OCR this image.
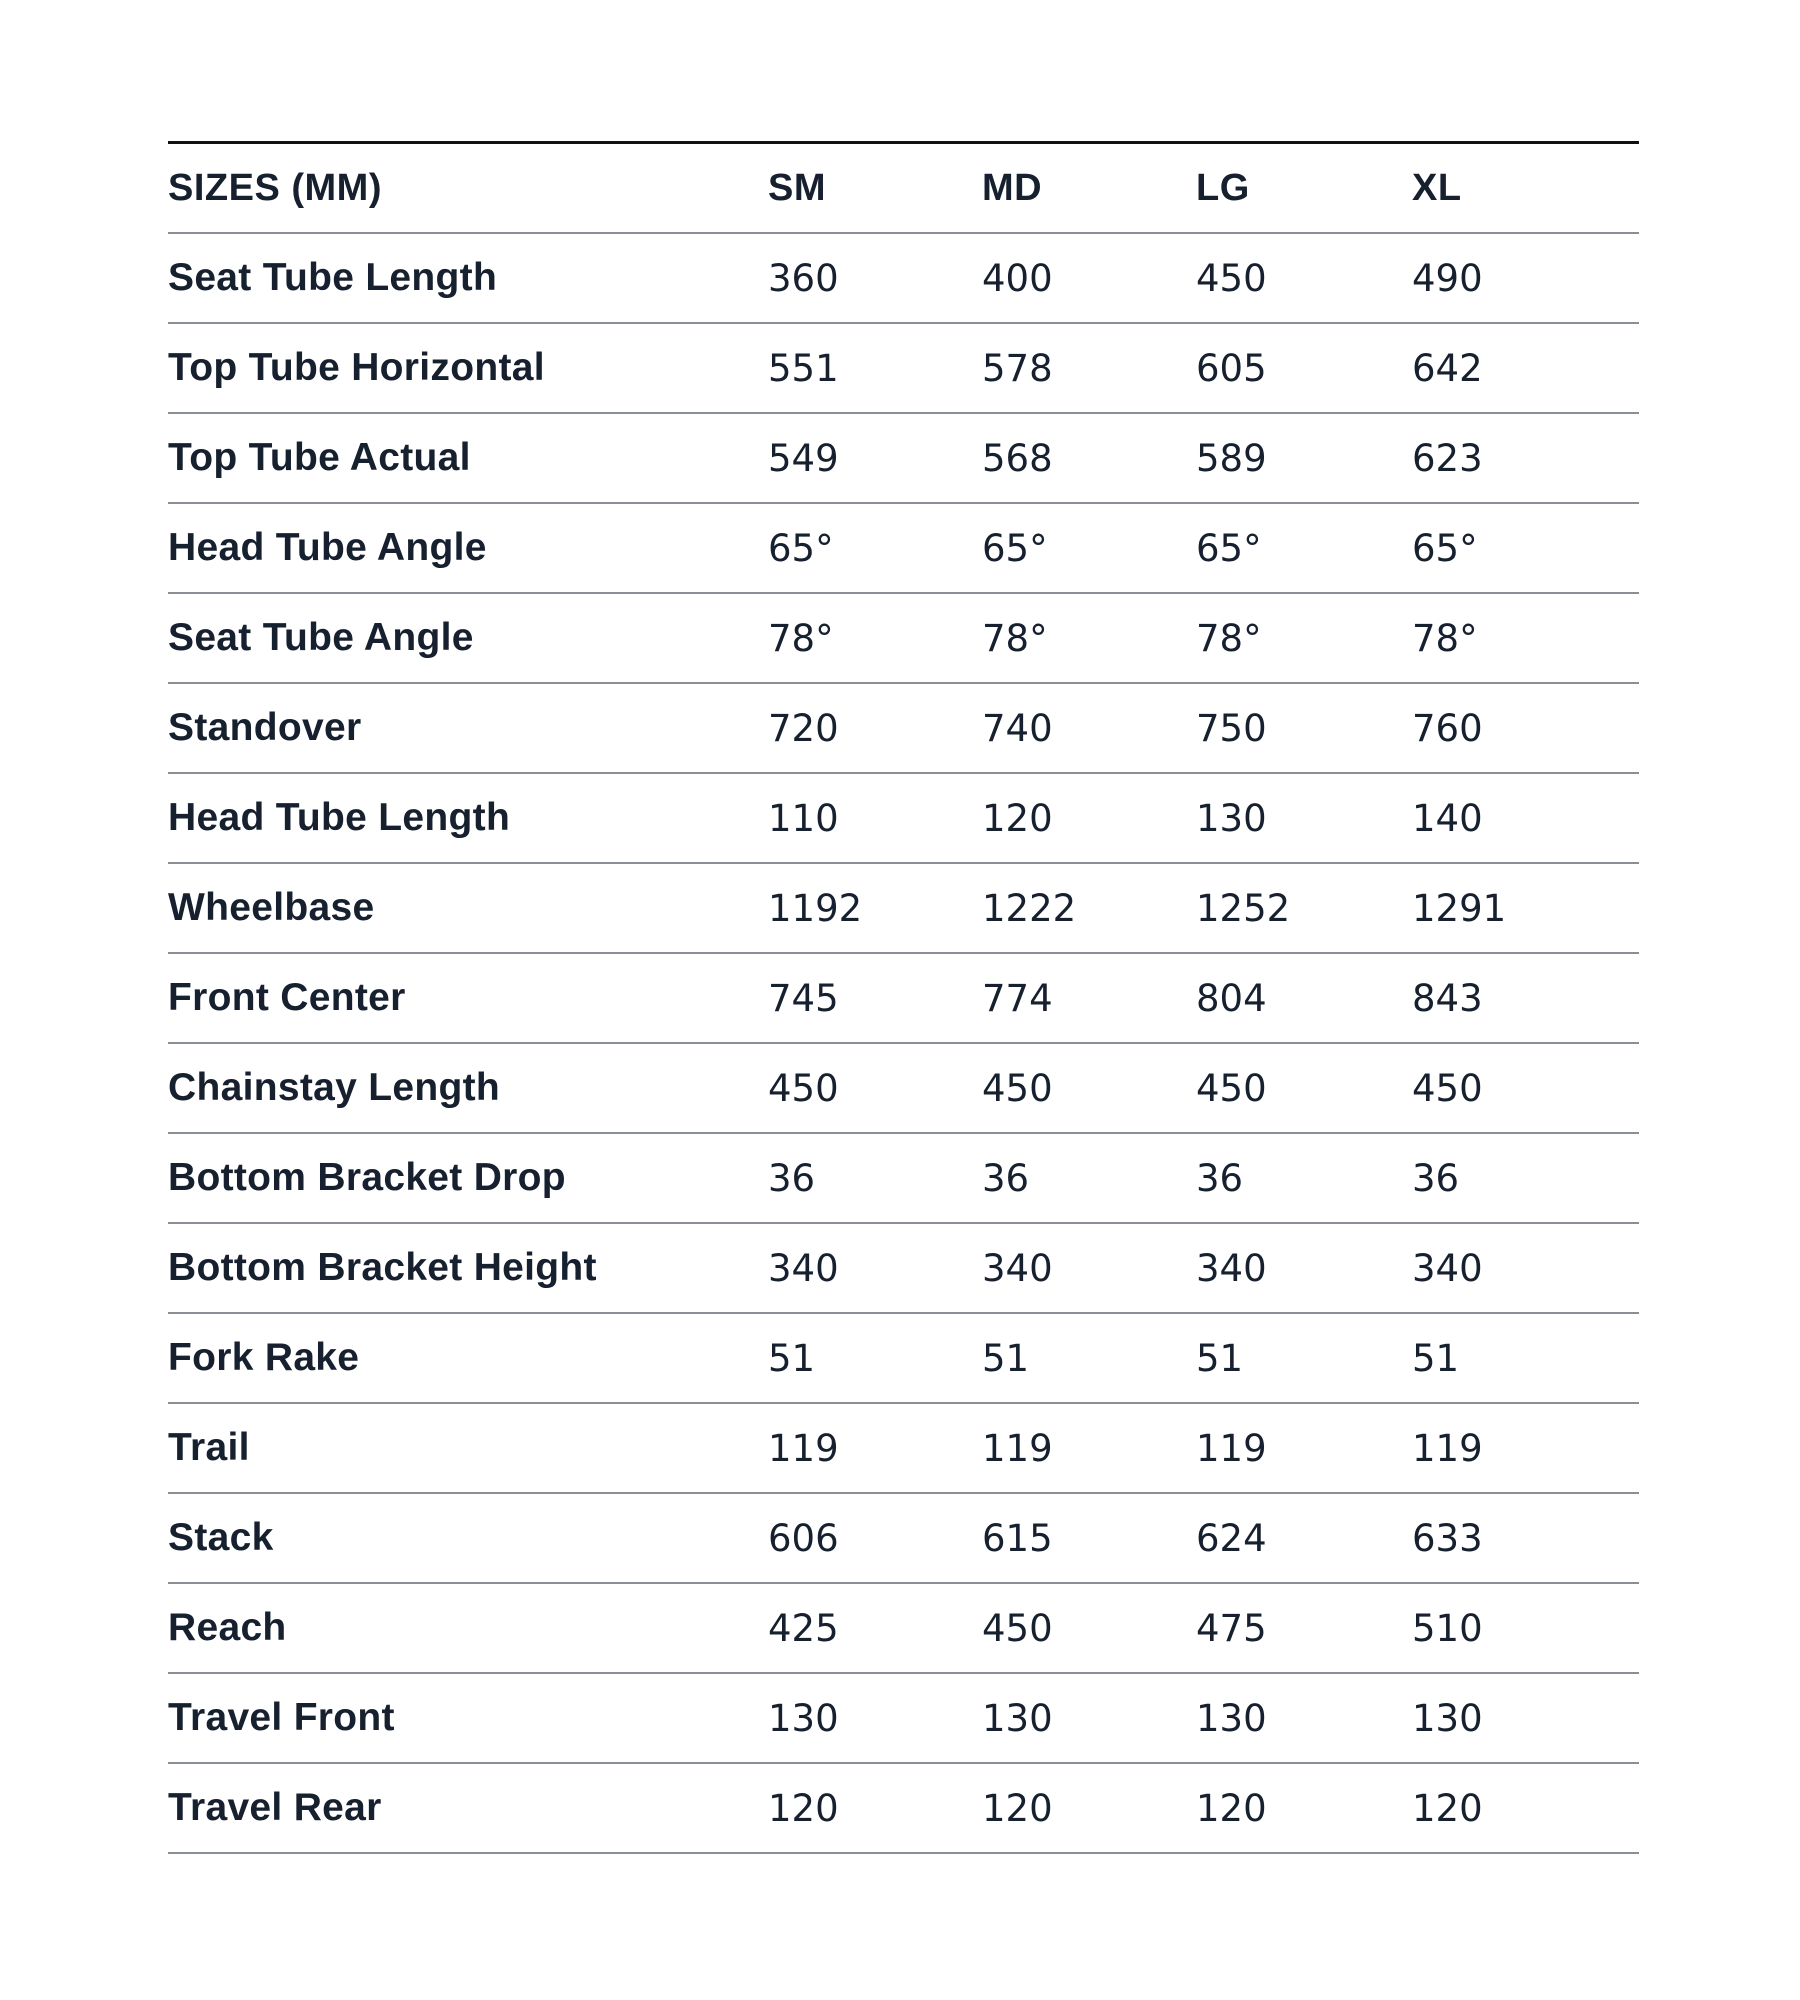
SIZES (MM)	SM	MD	LG	XL
Seat Tube Length	360	400	450	490
Top Tube Horizontal	551	578	605	642
Top Tube Actual	549	568	589	623
Head Tube Angle	65°	65°	65°	65°
Seat Tube Angle	78°	78°	78°	78°
Standover	720	740	750	760
Head Tube Length	110	120	130	140
Wheelbase	1192	1222	1252	1291
Front Center	745	774	804	843
Chainstay Length	450	450	450	450
Bottom Bracket Drop	36	36	36	36
Bottom Bracket Height	340	340	340	340
Fork Rake	51	51	51	51
Trail	119	119	119	119
Stack	606	615	624	633
Reach	425	450	475	510
Travel Front	130	130	130	130
Travel Rear	120	120	120	120
